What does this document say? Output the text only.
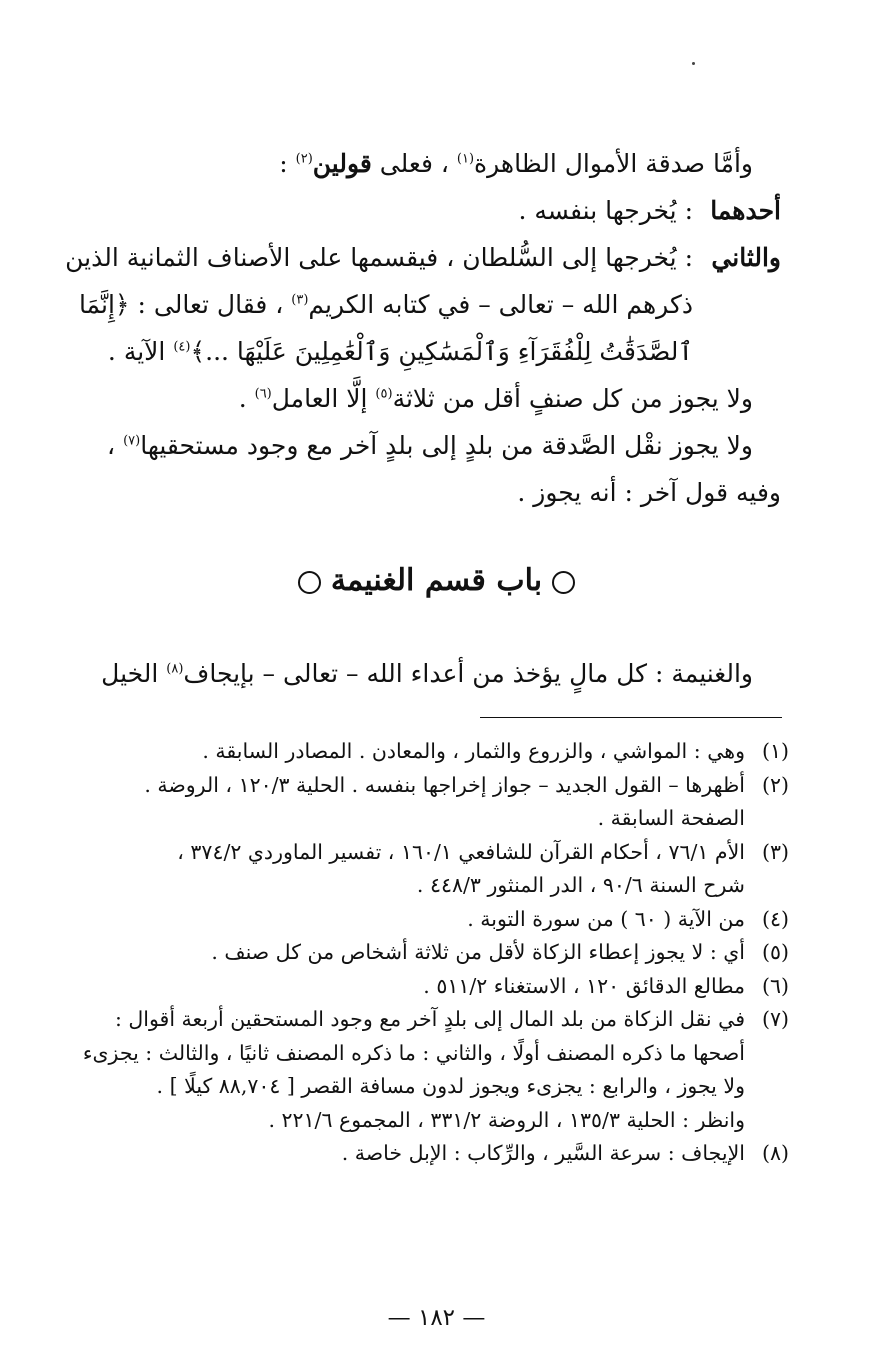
وأمَّا صدقة الأموال الظاهرة$^{(١)}$ ، فعلى قولين$^{(٢)}$ :
أحدهما: يُخرجها بنفسه .
والثاني: يُخرجها إلى السُّلطان ، فيقسمها على الأصناف الثمانية الذين
ذكرهم الله – تعالى – في كتابه الكريم$^{(٣)}$ ، فقال تعالى : ﴿إِنَّمَا
ٱلصَّدَقَٰتُ لِلْفُقَرَآءِ وَٱلْمَسَٰكِينِ وَٱلْعَٰمِلِينَ عَلَيْهَا ...﴾$^{(٤)}$ الآية .
ولا يجوز من كل صنفٍ أقل من ثلاثة$^{(٥)}$ إلَّا العامل$^{(٦)}$ .
ولا يجوز نقْل الصَّدقة من بلدٍ إلى بلدٍ آخر مع وجود مستحقيها$^{(٧)}$ ،
وفيه قول آخر : أنه يجوز .
باب قسم الغنيمة
والغنيمة : كل مالٍ يؤخذ من أعداء الله – تعالى – بإيجاف$^{(٨)}$ الخيل
(١)
وهي : المواشي ، والزروع والثمار ، والمعادن . المصادر السابقة .
(٢)
أظهرها – القول الجديد – جواز إخراجها بنفسه . الحلية ١٢٠/٣ ، الروضة .
الصفحة السابقة .
(٣)
الأم ٧٦/١ ، أحكام القرآن للشافعي ١٦٠/١ ، تفسير الماوردي ٣٧٤/٢ ،
شرح السنة ٩٠/٦ ، الدر المنثور ٤٤٨/٣ .
(٤)
من الآية ( ٦٠ ) من سورة التوبة .
(٥)
أي : لا يجوز إعطاء الزكاة لأقل من ثلاثة أشخاص من كل صنف .
(٦)
مطالع الدقائق ١٢٠ ، الاستغناء ٥١١/٢ .
(٧)
في نقل الزكاة من بلد المال إلى بلدٍ آخر مع وجود المستحقين أربعة أقوال :
أصحها ما ذكره المصنف أولًا ، والثاني : ما ذكره المصنف ثانيًا ، والثالث : يجزىء
ولا يجوز ، والرابع : يجزىء ويجوز لدون مسافة القصر [ ٨٨,٧٠٤ كيلًا ] .
وانظر : الحلية ١٣٥/٣ ، الروضة ٣٣١/٢ ، المجموع ٢٢١/٦ .
(٨)
الإيجاف : سرعة السَّير ، والرِّكاب : الإبل خاصة .
— ١٨٢ —
